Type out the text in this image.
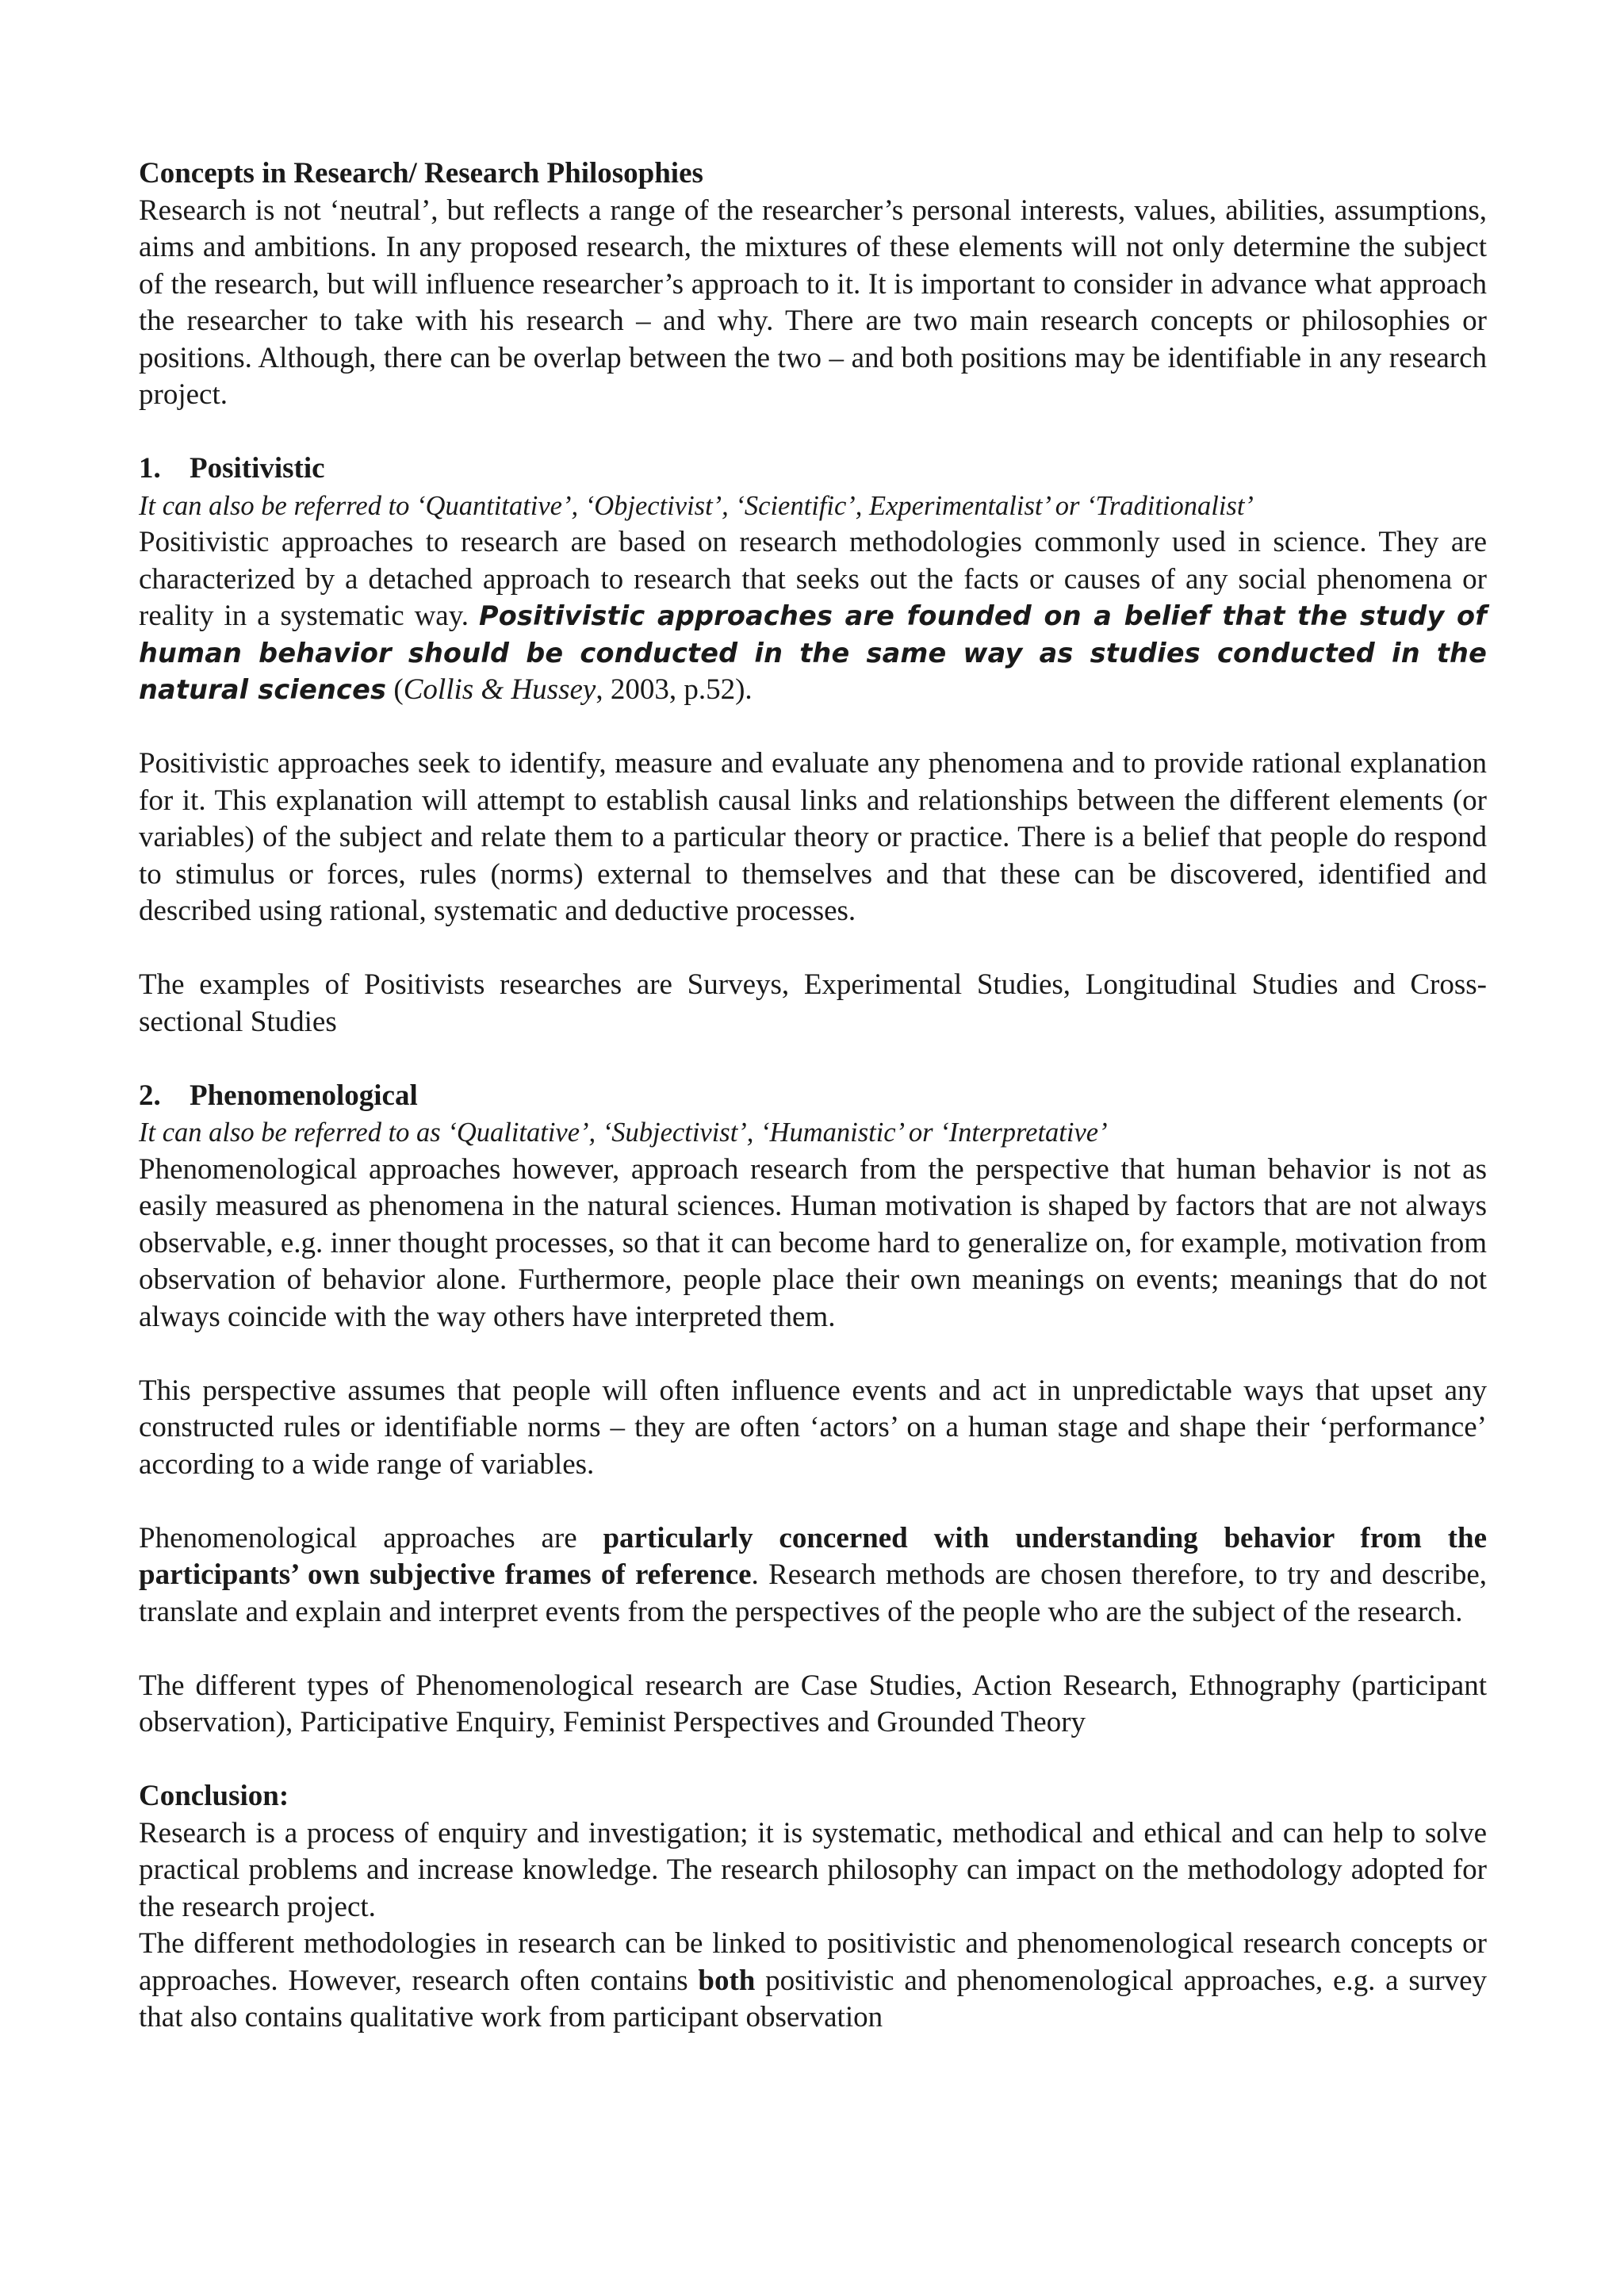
Concepts in Research/ Research Philosophies

Research is not ‘neutral’, but reflects a range of the researcher’s personal interests, values, abilities, assumptions, aims and ambitions. In any proposed research, the mixtures of these elements will not only determine the subject of the research, but will influence researcher’s approach to it. It is important to consider in advance what approach the researcher to take with his research – and why. There are two main research concepts or philosophies or positions. Although, there can be overlap between the two – and both positions may be identifiable in any research project.

1. Positivistic

It can also be referred to ‘Quantitative’, ‘Objectivist’, ‘Scientific’, Experimentalist’ or ‘Traditionalist’

Positivistic approaches to research are based on research methodologies commonly used in science. They are characterized by a detached approach to research that seeks out the facts or causes of any social phenomena or reality in a systematic way. Positivistic approaches are founded on a belief that the study of human behavior should be conducted in the same way as studies conducted in the natural sciences (Collis & Hussey, 2003, p.52).

Positivistic approaches seek to identify, measure and evaluate any phenomena and to provide rational explanation for it. This explanation will attempt to establish causal links and relationships between the different elements (or variables) of the subject and relate them to a particular theory or practice. There is a belief that people do respond to stimulus or forces, rules (norms) external to themselves and that these can be discovered, identified and described using rational, systematic and deductive processes.

The examples of Positivists researches are Surveys, Experimental Studies, Longitudinal Studies and Cross-sectional Studies

2. Phenomenological

It can also be referred to as ‘Qualitative’, ‘Subjectivist’, ‘Humanistic’ or ‘Interpretative’

Phenomenological approaches however, approach research from the perspective that human behavior is not as easily measured as phenomena in the natural sciences. Human motivation is shaped by factors that are not always observable, e.g. inner thought processes, so that it can become hard to generalize on, for example, motivation from observation of behavior alone. Furthermore, people place their own meanings on events; meanings that do not always coincide with the way others have interpreted them.

This perspective assumes that people will often influence events and act in unpredictable ways that upset any constructed rules or identifiable norms – they are often ‘actors’ on a human stage and shape their ‘performance’ according to a wide range of variables.

Phenomenological approaches are particularly concerned with understanding behavior from the participants’ own subjective frames of reference. Research methods are chosen therefore, to try and describe, translate and explain and interpret events from the perspectives of the people who are the subject of the research.

The different types of Phenomenological research are Case Studies, Action Research, Ethnography (participant observation), Participative Enquiry, Feminist Perspectives and Grounded Theory

Conclusion:

Research is a process of enquiry and investigation; it is systematic, methodical and ethical and can help to solve practical problems and increase knowledge. The research philosophy can impact on the methodology adopted for the research project.

The different methodologies in research can be linked to positivistic and phenomenological research concepts or approaches. However, research often contains both positivistic and phenomenological approaches, e.g. a survey that also contains qualitative work from participant observation
